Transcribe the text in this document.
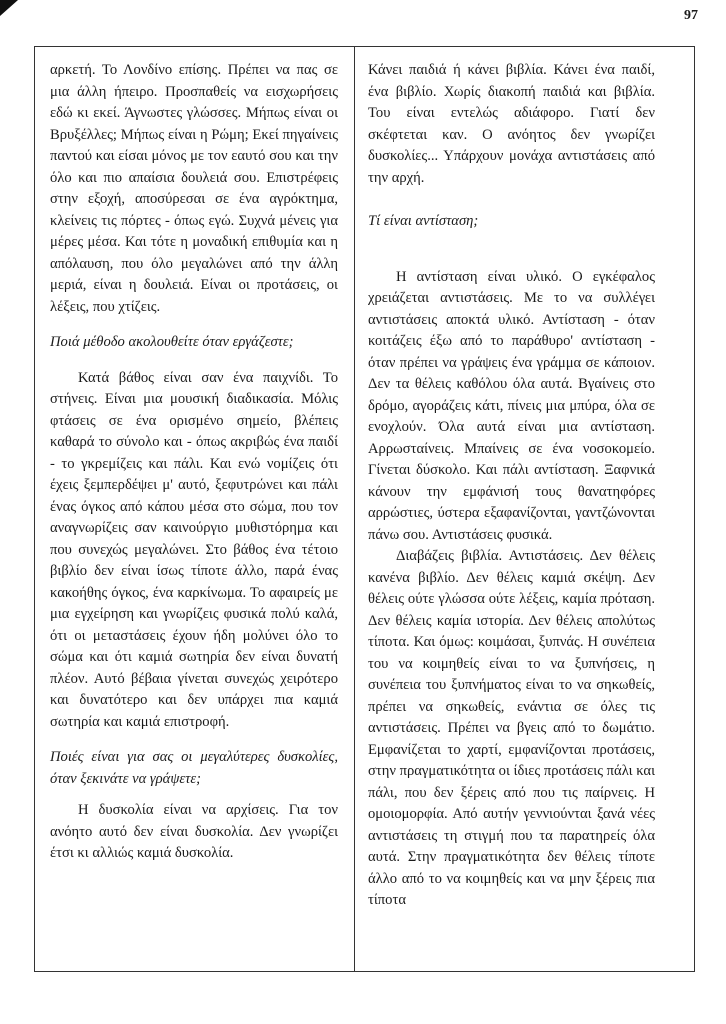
97

αρκετή. Το Λονδίνο επίσης. Πρέπει να πας σε μια άλλη ήπειρο. Προσπαθείς να εισχωρήσεις εδώ κι εκεί. Άγνωστες γλώσσες. Μήπως είναι οι Βρυξέλλες; Μήπως είναι η Ρώμη; Εκεί πηγαίνεις παντού και είσαι μόνος με τον εαυτό σου και την όλο και πιο απαίσια δουλειά σου. Επιστρέφεις στην εξοχή, αποσύρεσαι σε ένα αγρόκτημα, κλείνεις τις πόρτες - όπως εγώ. Συχνά μένεις για μέρες μέσα. Και τότε η μοναδική επιθυμία και η απόλαυση, που όλο μεγαλώνει από την άλλη μεριά, είναι η δουλειά. Είναι οι προτάσεις, οι λέξεις, που χτίζεις.

Ποιά μέθοδο ακολουθείτε όταν εργάζεστε;

Κατά βάθος είναι σαν ένα παιχνίδι. Το στήνεις. Είναι μια μουσική διαδικασία. Μόλις φτάσεις σε ένα ορισμένο σημείο, βλέπεις καθαρά το σύνολο και - όπως ακριβώς ένα παιδί - το γκρεμίζεις και πάλι. Και ενώ νομίζεις ότι έχεις ξεμπερδέψει μ' αυτό, ξεφυτρώνει και πάλι ένας όγκος από κάπου μέσα στο σώμα, που τον αναγνωρίζεις σαν καινούργιο μυθιστόρημα και που συνεχώς μεγαλώνει. Στο βάθος ένα τέτοιο βιβλίο δεν είναι ίσως τίποτε άλλο, παρά ένας κακοήθης όγκος, ένα καρκίνωμα. Το αφαιρείς με μια εγχείρηση και γνωρίζεις φυσικά πολύ καλά, ότι οι μεταστάσεις έχουν ήδη μολύνει όλο το σώμα και ότι καμιά σωτηρία δεν είναι δυνατή πλέον. Αυτό βέβαια γίνεται συνεχώς χειρότερο και δυνατότερο και δεν υπάρχει πια καμιά σωτηρία και καμιά επιστροφή.

Ποιές είναι για σας οι μεγαλύτερες δυσκολίες, όταν ξεκινάτε να γράψετε;

Η δυσκολία είναι να αρχίσεις. Για τον ανόητο αυτό δεν είναι δυσκολία. Δεν γνωρίζει έτσι κι αλλιώς καμιά δυσκολία.

Κάνει παιδιά ή κάνει βιβλία. Κάνει ένα παιδί, ένα βιβλίο. Χωρίς διακοπή παιδιά και βιβλία. Του είναι εντελώς αδιάφορο. Γιατί δεν σκέφτεται καν. Ο ανόητος δεν γνωρίζει δυσκολίες... Υπάρχουν μονάχα αντιστάσεις από την αρχή.

Τί είναι αντίσταση;

Η αντίσταση είναι υλικό. Ο εγκέφαλος χρειάζεται αντιστάσεις. Με το να συλλέγει αντιστάσεις αποκτά υλικό. Αντίσταση - όταν κοιτάζεις έξω από το παράθυρο' αντίσταση - όταν πρέπει να γράψεις ένα γράμμα σε κάποιον. Δεν τα θέλεις καθόλου όλα αυτά. Βγαίνεις στο δρόμο, αγοράζεις κάτι, πίνεις μια μπύρα, όλα σε ενοχλούν. Όλα αυτά είναι μια αντίσταση. Αρρωσταίνεις. Μπαίνεις σε ένα νοσοκομείο. Γίνεται δύσκολο. Και πάλι αντίσταση. Ξαφνικά κάνουν την εμφάνισή τους θανατηφόρες αρρώστιες, ύστερα εξαφανίζονται, γαντζώνονται πάνω σου. Αντιστάσεις φυσικά.

Διαβάζεις βιβλία. Αντιστάσεις. Δεν θέλεις κανένα βιβλίο. Δεν θέλεις καμιά σκέψη. Δεν θέλεις ούτε γλώσσα ούτε λέξεις, καμία πρόταση. Δεν θέλεις καμία ιστορία. Δεν θέλεις απολύτως τίποτα. Και όμως: κοιμάσαι, ξυπνάς. Η συνέπεια του να κοιμηθείς είναι το να ξυπνήσεις, η συνέπεια του ξυπνήματος είναι το να σηκωθείς, πρέπει να σηκωθείς, ενάντια σε όλες τις αντιστάσεις. Πρέπει να βγεις από το δωμάτιο. Εμφανίζεται το χαρτί, εμφανίζονται προτάσεις, στην πραγματικότητα οι ίδιες προτάσεις πάλι και πάλι, που δεν ξέρεις από που τις παίρνεις. Η ομοιομορφία. Από αυτήν γεννιούνται ξανά νέες αντιστάσεις τη στιγμή που τα παρατηρείς όλα αυτά. Στην πραγματικότητα δεν θέλεις τίποτε άλλο από το να κοιμηθείς και να μην ξέρεις πια τίποτα
